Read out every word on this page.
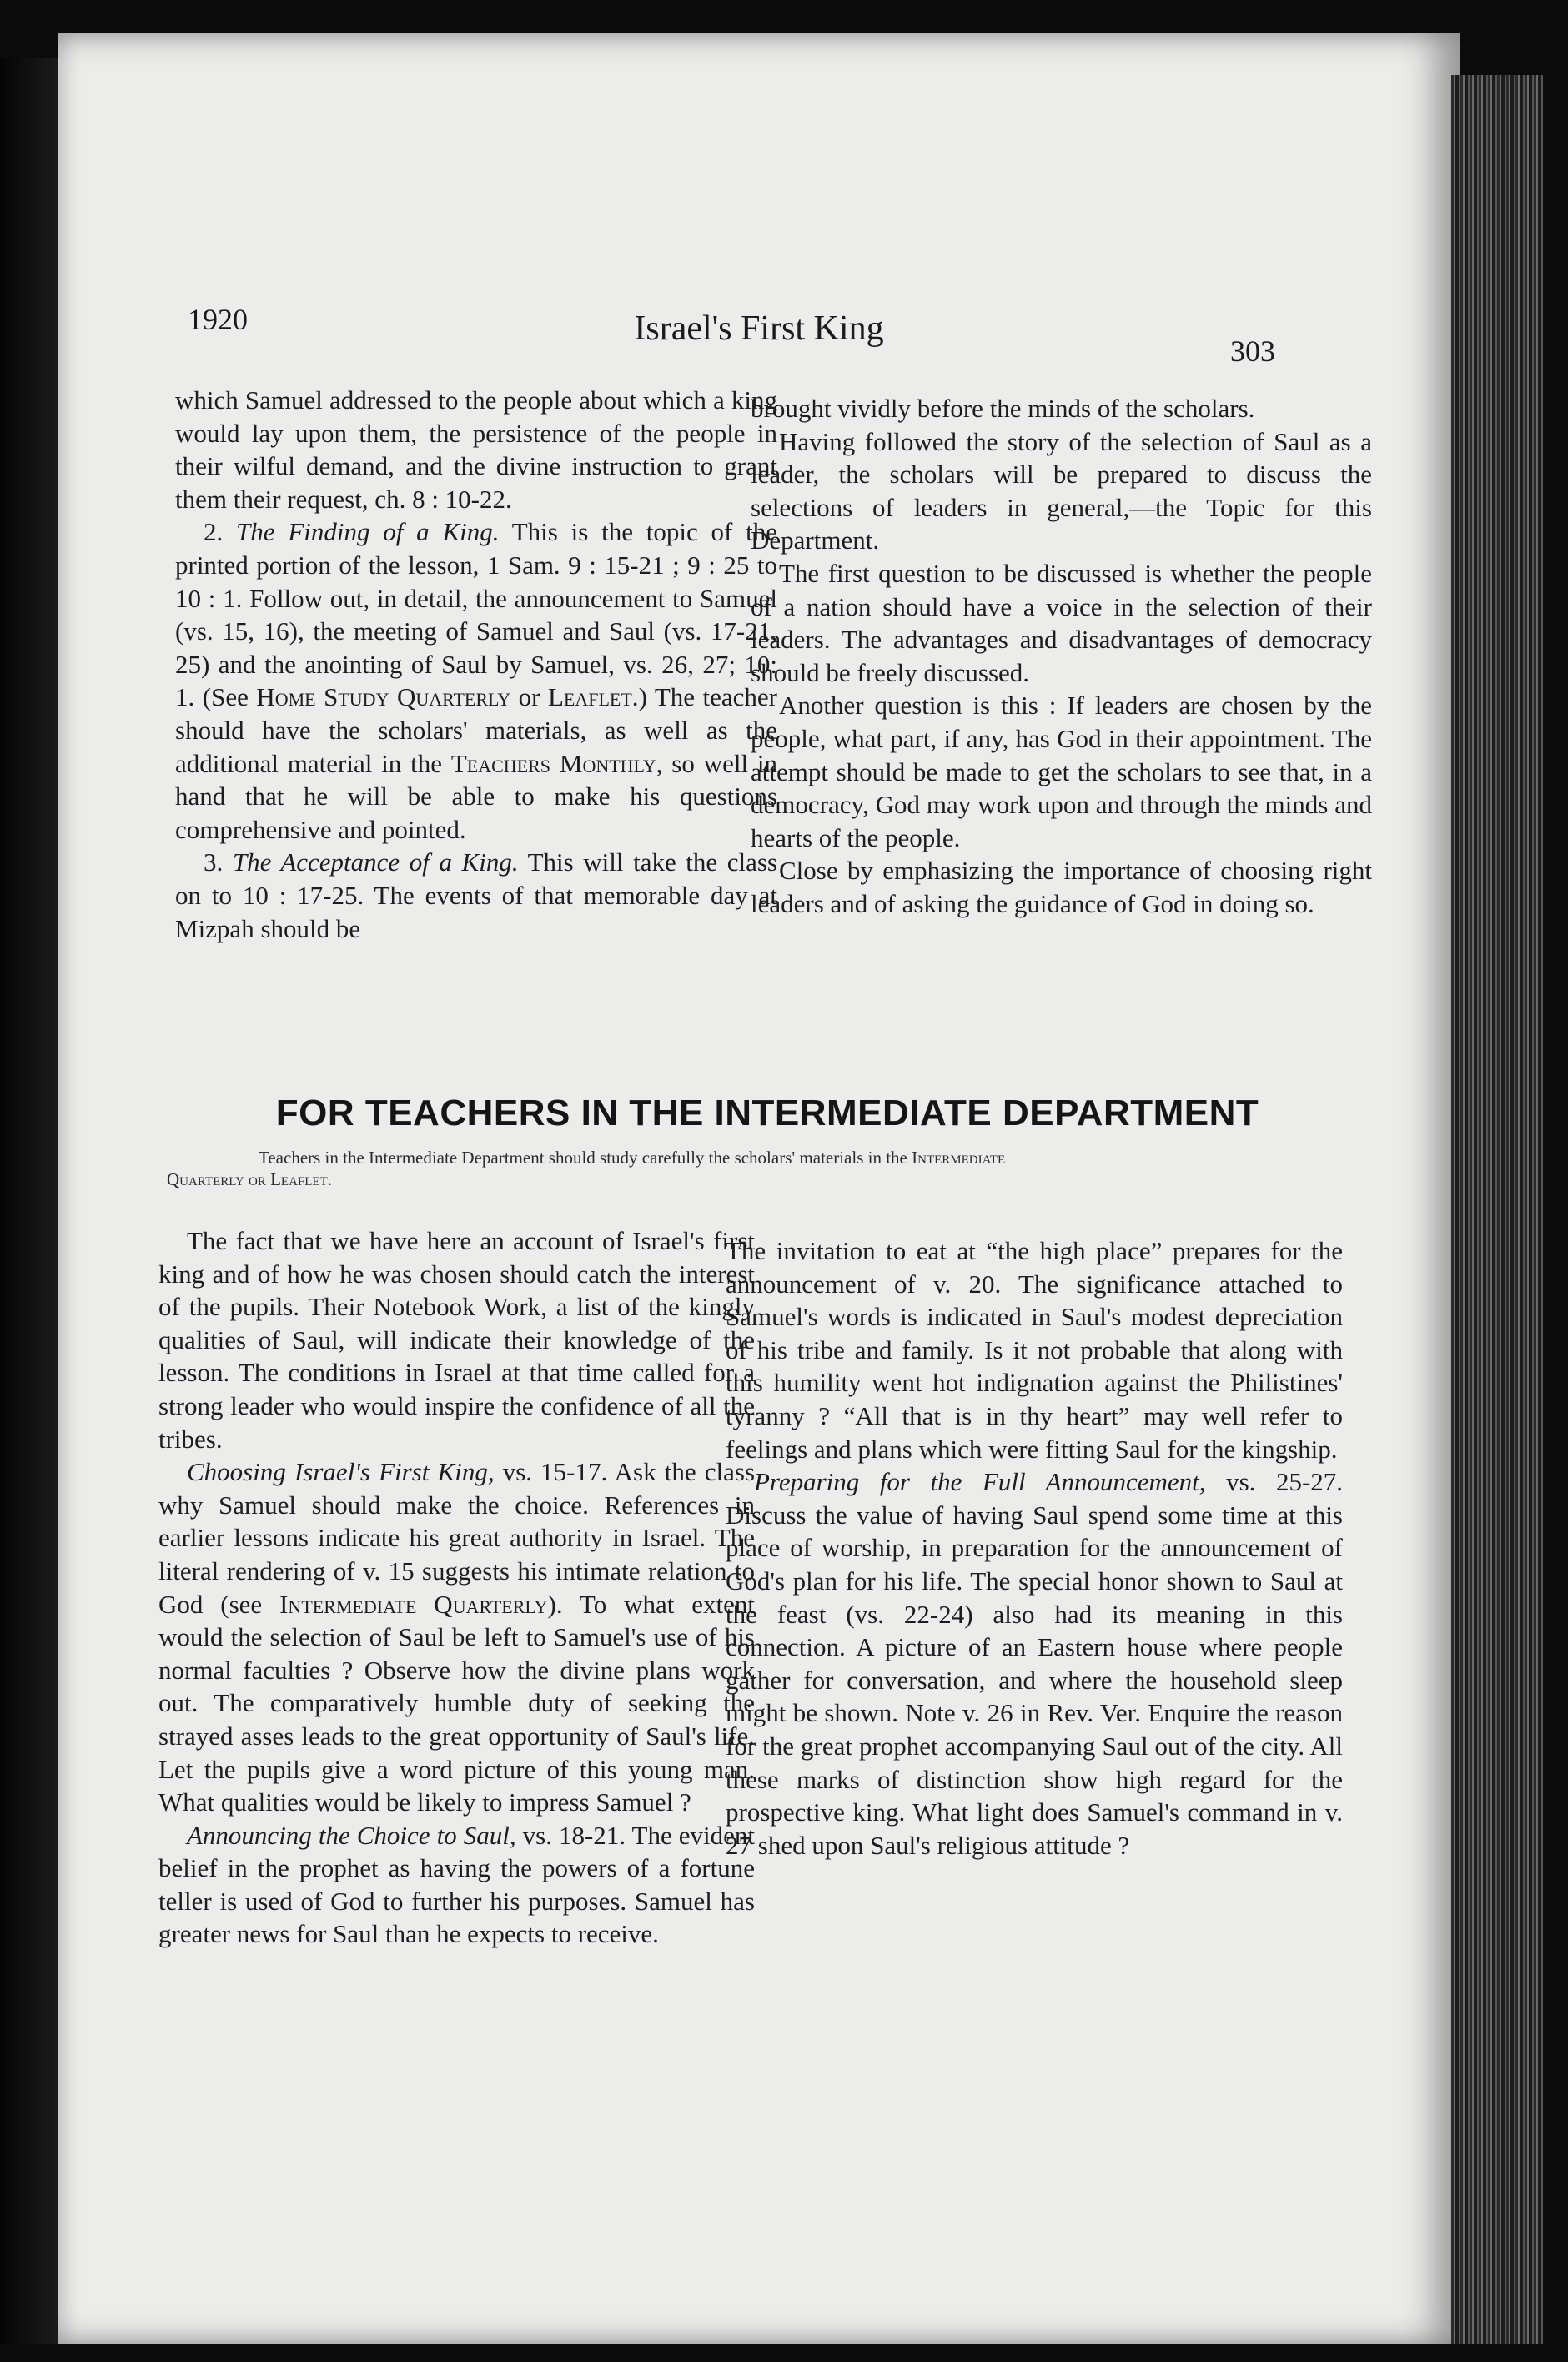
1920	Israel's First King
303

which Samuel addressed to the people about which a king would lay upon them, the persistence of the people in their wilful demand, and the divine instruction to grant them their request, ch. 8 : 10-22.

2. The Finding of a King. This is the topic of the printed portion of the lesson, 1 Sam. 9 : 15-21 ; 9 : 25 to 10 : 1. Follow out, in detail, the announcement to Samuel (vs. 15, 16), the meeting of Samuel and Saul (vs. 17-21, 25) and the anointing of Saul by Samuel, vs. 26, 27; 10: 1. (See Home Study Quarterly or Leaflet.) The teacher should have the scholars' materials, as well as the additional material in the Teachers Monthly, so well in hand that he will be able to make his questions comprehensive and pointed.

3. The Acceptance of a King. This will take the class on to 10 : 17-25. The events of that memorable day at Mizpah should be

brought vividly before the minds of the scholars.

Having followed the story of the selection of Saul as a leader, the scholars will be prepared to discuss the selections of leaders in general,—the Topic for this Department.

The first question to be discussed is whether the people of a nation should have a voice in the selection of their leaders. The advantages and disadvantages of democracy should be freely discussed.

Another question is this : If leaders are chosen by the people, what part, if any, has God in their appointment. The attempt should be made to get the scholars to see that, in a democracy, God may work upon and through the minds and hearts of the people.

Close by emphasizing the importance of choosing right leaders and of asking the guidance of God in doing so.

FOR TEACHERS IN THE INTERMEDIATE DEPARTMENT
Teachers in the Intermediate Department should study carefully the scholars' materials in the Intermediate
Quarterly or Leaflet.

The fact that we have here an account of Israel's first king and of how he was chosen should catch the interest of the pupils. Their Notebook Work, a list of the kingly qualities of Saul, will indicate their knowledge of the lesson. The conditions in Israel at that time called for a strong leader who would inspire the confidence of all the tribes.

Choosing Israel's First King, vs. 15-17. Ask the class why Samuel should make the choice. References in earlier lessons indicate his great authority in Israel. The literal rendering of v. 15 suggests his intimate relation to God (see Intermediate Quarterly). To what extent would the selection of Saul be left to Samuel's use of his normal faculties ? Observe how the divine plans work out. The comparatively humble duty of seeking the strayed asses leads to the great opportunity of Saul's life. Let the pupils give a word picture of this young man. What qualities would be likely to impress Samuel ?

Announcing the Choice to Saul, vs. 18-21. The evident belief in the prophet as having the powers of a fortune teller is used of God to further his purposes. Samuel has greater news for Saul than he expects to receive.

The invitation to eat at “the high place” prepares for the announcement of v. 20. The significance attached to Samuel's words is indicated in Saul's modest depreciation of his tribe and family. Is it not probable that along with this humility went hot indignation against the Philistines' tyranny ? “All that is in thy heart” may well refer to feelings and plans which were fitting Saul for the kingship.

Preparing for the Full Announcement, vs. 25-27. Discuss the value of having Saul spend some time at this place of worship, in preparation for the announcement of God's plan for his life. The special honor shown to Saul at the feast (vs. 22-24) also had its meaning in this connection. A picture of an Eastern house where people gather for conversation, and where the household sleep might be shown. Note v. 26 in Rev. Ver. Enquire the reason for the great prophet accompanying Saul out of the city. All these marks of distinction show high regard for the prospective king. What light does Samuel's command in v. 27 shed upon Saul's religious attitude ?
